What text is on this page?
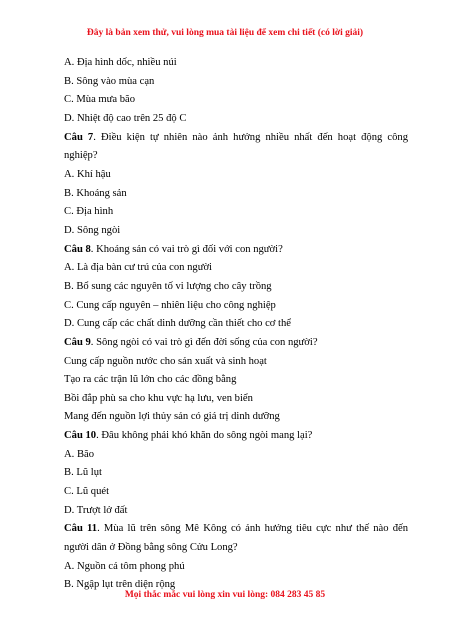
Đây là bản xem thử, vui lòng mua tài liệu để xem chi tiết (có lời giải)
A. Địa hình dốc, nhiều núi
B. Sông vào mùa cạn
C. Mùa mưa bão
D. Nhiệt độ cao trên 25 độ C
Câu 7. Điều kiện tự nhiên nào ảnh hưởng nhiều nhất đến hoạt động công nghiệp?
A. Khí hậu
B. Khoáng sản
C. Địa hình
D. Sông ngòi
Câu 8. Khoáng sản có vai trò gì đối với con người?
A. Là địa bàn cư trú của con người
B. Bổ sung các nguyên tố vi lượng cho cây trồng
C. Cung cấp nguyên – nhiên liệu cho công nghiệp
D. Cung cấp các chất dinh dưỡng cần thiết cho cơ thể
Câu 9. Sông ngòi có vai trò gì đến đời sống của con người?
Cung cấp nguồn nước cho sản xuất và sinh hoạt
Tạo ra các trận lũ lớn cho các đồng bằng
Bồi đắp phù sa cho khu vực hạ lưu, ven biển
Mang đến nguồn lợi thủy sản có giá trị dinh dưỡng
Câu 10. Đâu không phải khó khăn do sông ngòi mang lại?
A. Bão
B. Lũ lụt
C. Lũ quét
D. Trượt lở đất
Câu 11. Mùa lũ trên sông Mê Kông có ảnh hưởng tiêu cực như thế nào đến người dân ở Đồng bằng sông Cửu Long?
A. Nguồn cá tôm phong phú
B. Ngập lụt trên diện rộng
Mọi thắc mắc vui lòng xin vui lòng: 084 283 45 85
